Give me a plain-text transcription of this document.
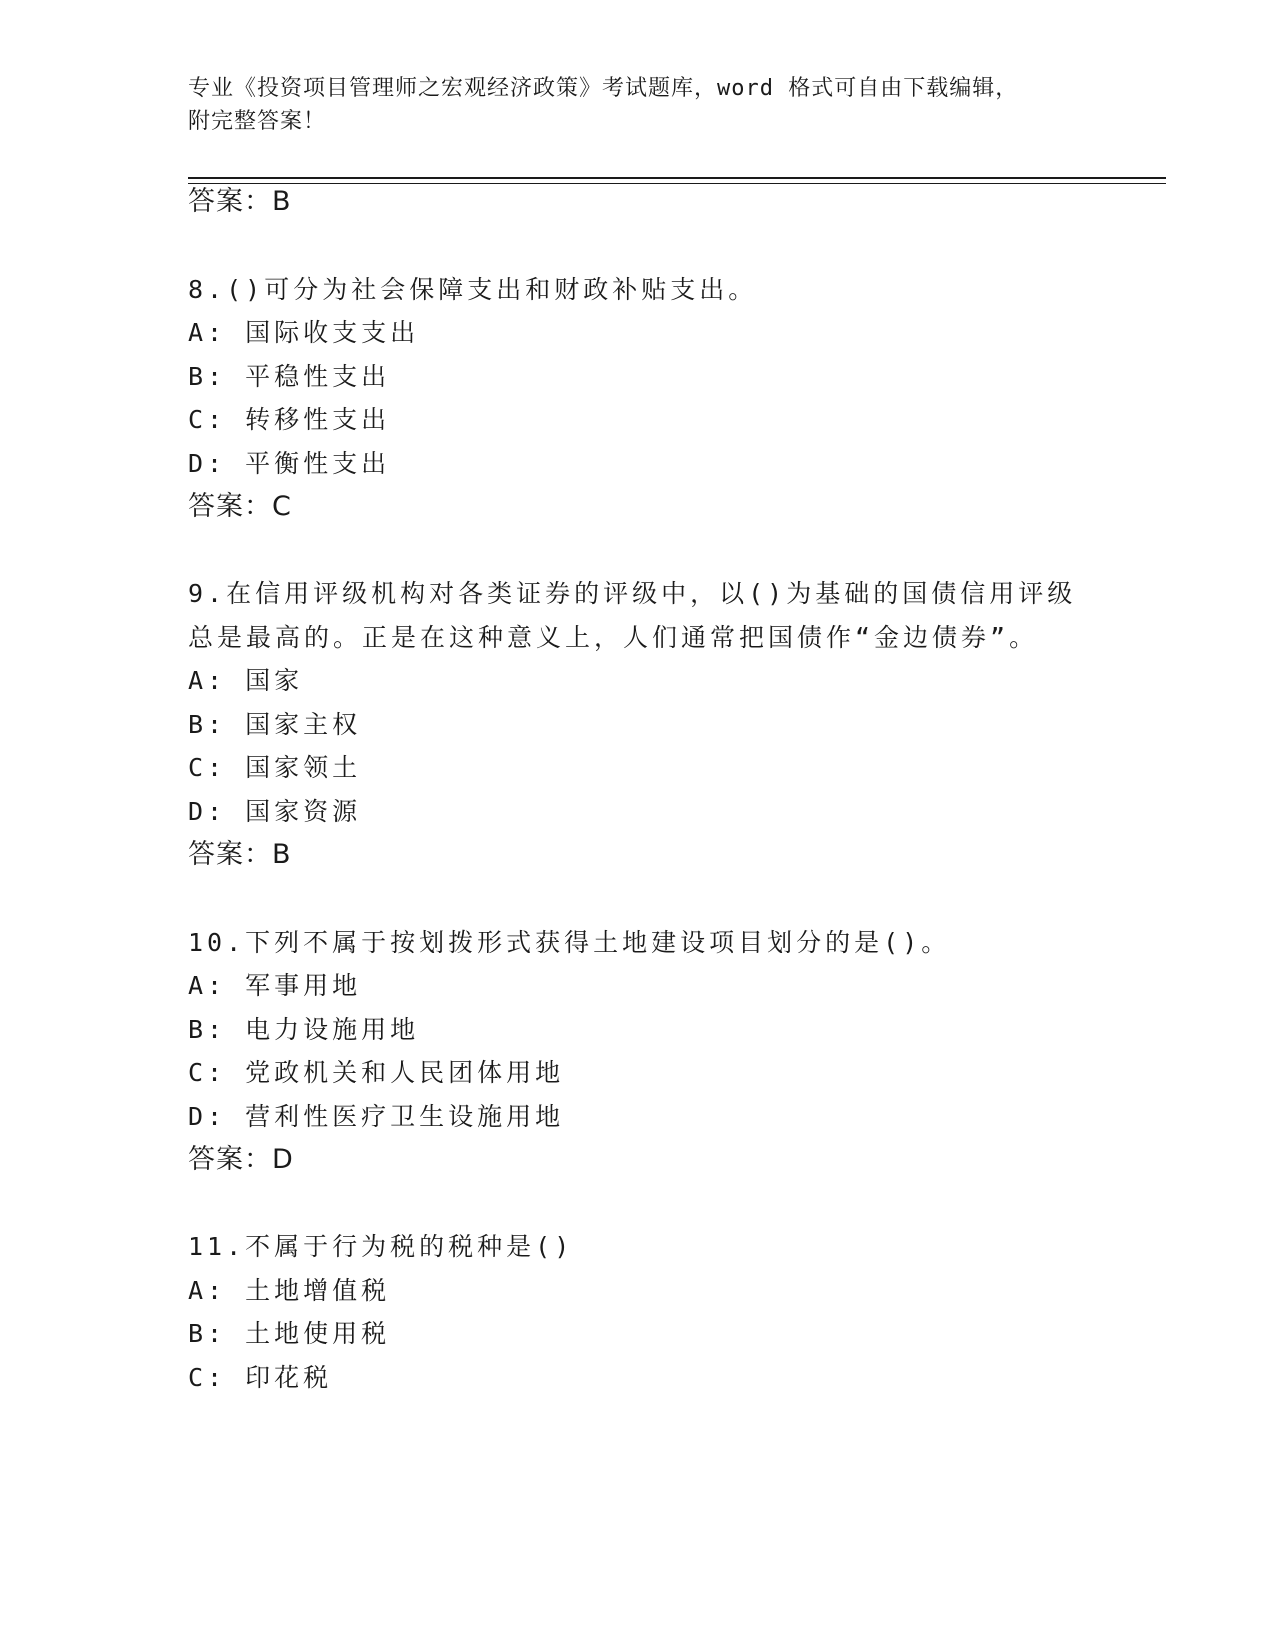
专业《投资项目管理师之宏观经济政策》考试题库，word 格式可自由下载编辑，
附完整答案！
答案：B
8.()可分为社会保障支出和财政补贴支出。
A: 国际收支支出
B: 平稳性支出
C: 转移性支出
D: 平衡性支出
答案：C
9.在信用评级机构对各类证券的评级中，以()为基础的国债信用评级
总是最高的。正是在这种意义上，人们通常把国债作“金边债券”。
A: 国家
B: 国家主权
C: 国家领土
D: 国家资源
答案：B
10.下列不属于按划拨形式获得土地建设项目划分的是()。
A: 军事用地
B: 电力设施用地
C: 党政机关和人民团体用地
D: 营利性医疗卫生设施用地
答案：D
11.不属于行为税的税种是()
A: 土地增值税
B: 土地使用税
C: 印花税
